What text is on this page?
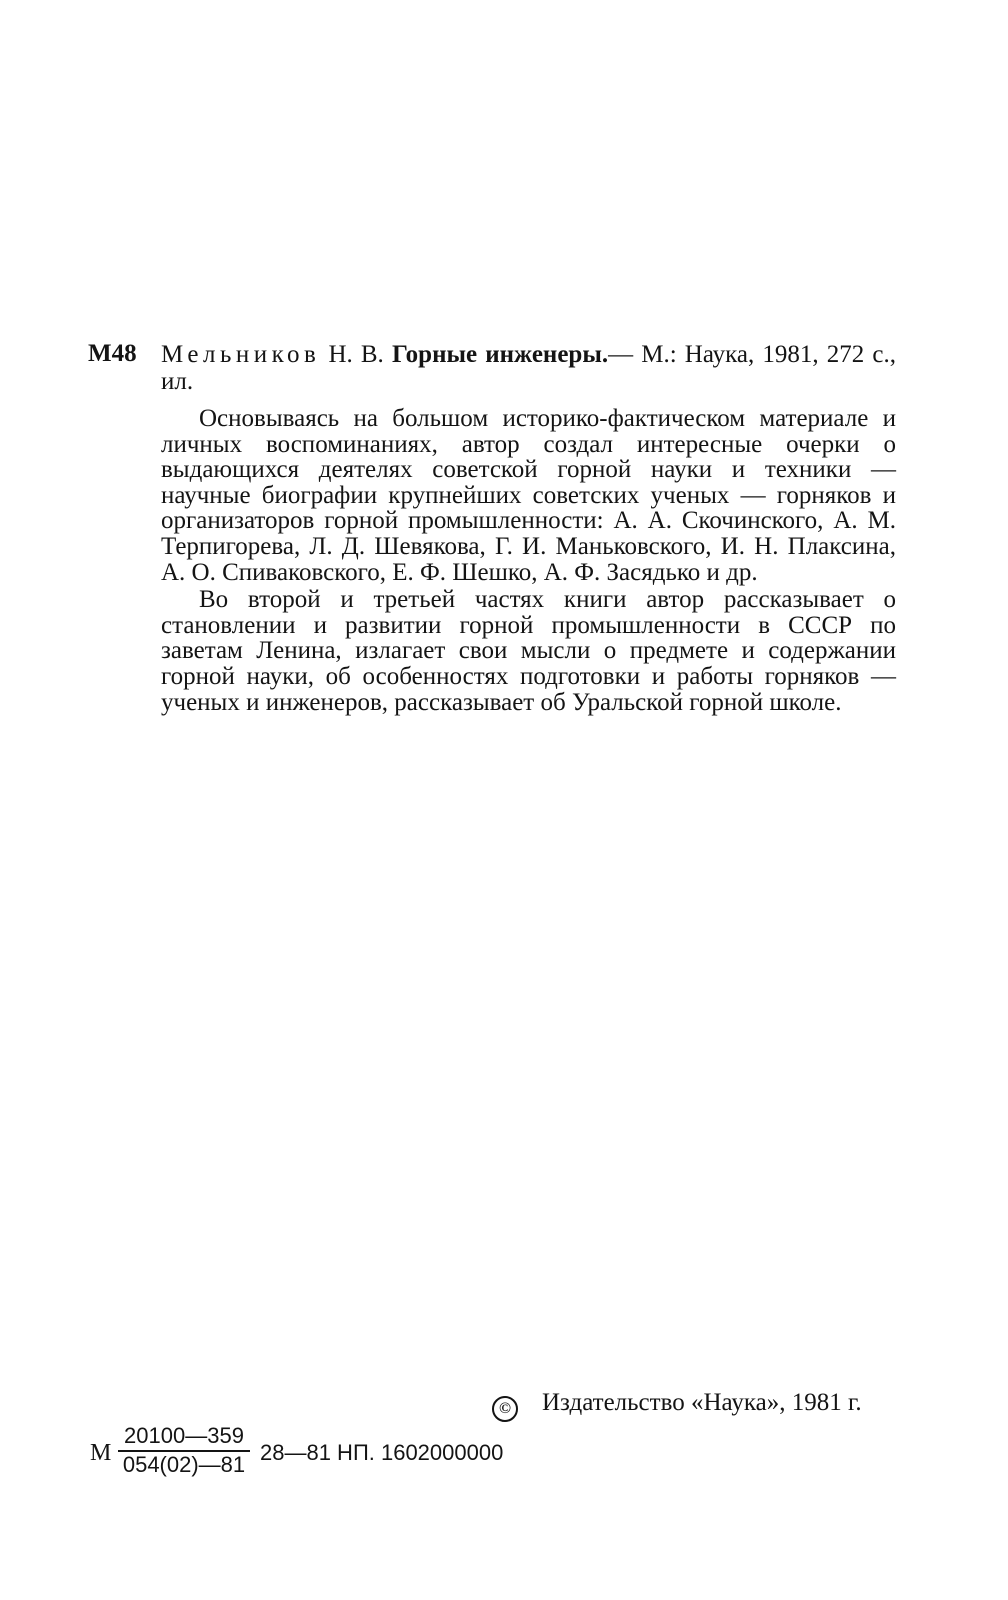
М48 Мельников Н. В. Горные инженеры.— М.: Наука, 1981, 272 с., ил.

Основываясь на большом историко-фактическом материале и личных воспоминаниях, автор создал интересные очерки о выдающихся деятелях советской горной науки и техники — научные биографии крупнейших советских ученых — горняков и организаторов горной промышленности: А. А. Скочинского, А. М. Терпигорева, Л. Д. Шевякова, Г. И. Маньковского, И. Н. Плаксина, А. О. Спиваковского, Е. Ф. Шешко, А. Ф. Засядько и др.

Во второй и третьей частях книги автор рассказывает о становлении и развитии горной промышленности в СССР по заветам Ленина, излагает свои мысли о предмете и содержании горной науки, об особенностях подготовки и работы горняков — ученых и инженеров, рассказывает об Уральской горной школе.

© Издательство «Наука», 1981 г.
М
20100—359
054(02)—81 28—81 НП. 1602000000
